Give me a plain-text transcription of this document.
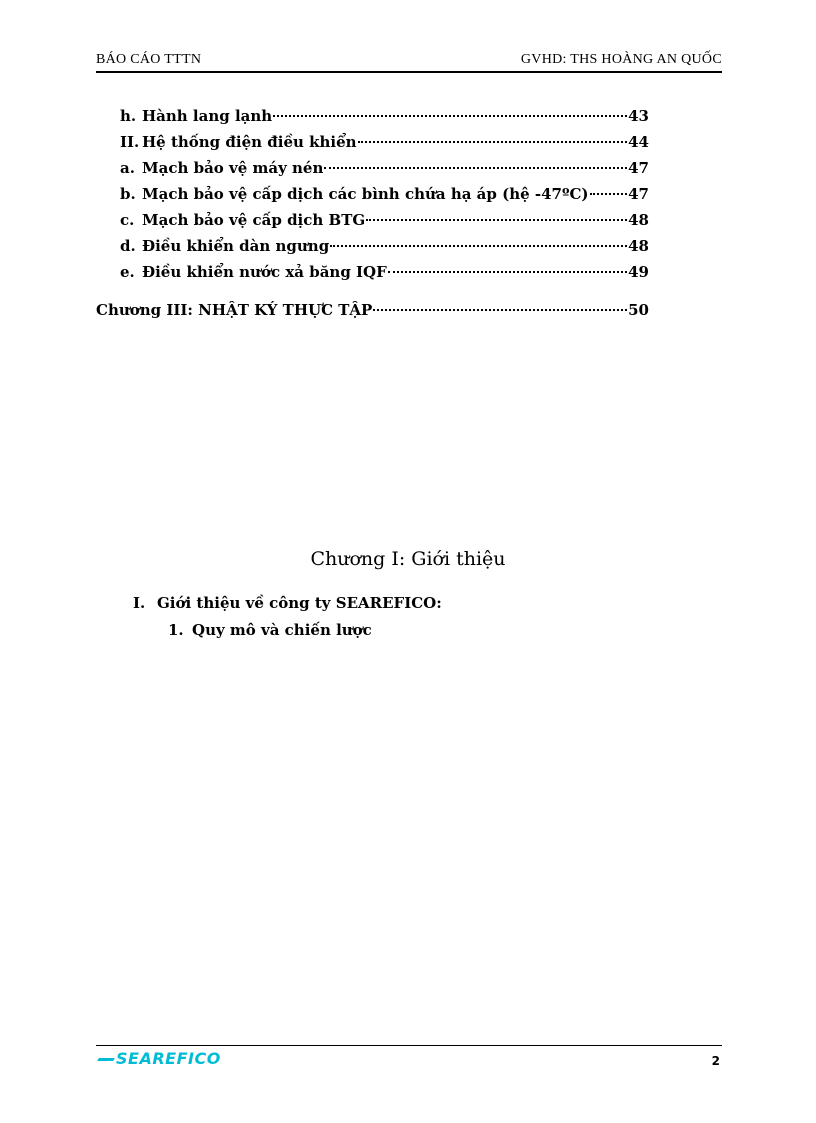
BÁO CÁO TTTN	GVHD: THS HOÀNG AN QUỐC
h. Hành lang lạnh	43
II. Hệ thống điện điều khiển	44
a. Mạch bảo vệ máy nén	47
b. Mạch bảo vệ cấp dịch các bình chứa hạ áp (hệ -47ºC)	47
c. Mạch bảo vệ cấp dịch BTG	48
d. Điều khiển dàn ngưng	48
e. Điều khiển nước xả băng IQF	49
Chương III: NHẬT KÝ THỰC TẬP	50
Chương I: Giới thiệu
I. Giới thiệu về công ty SEAREFICO:
1. Quy mô và chiến lược
SEAREFICO	2
